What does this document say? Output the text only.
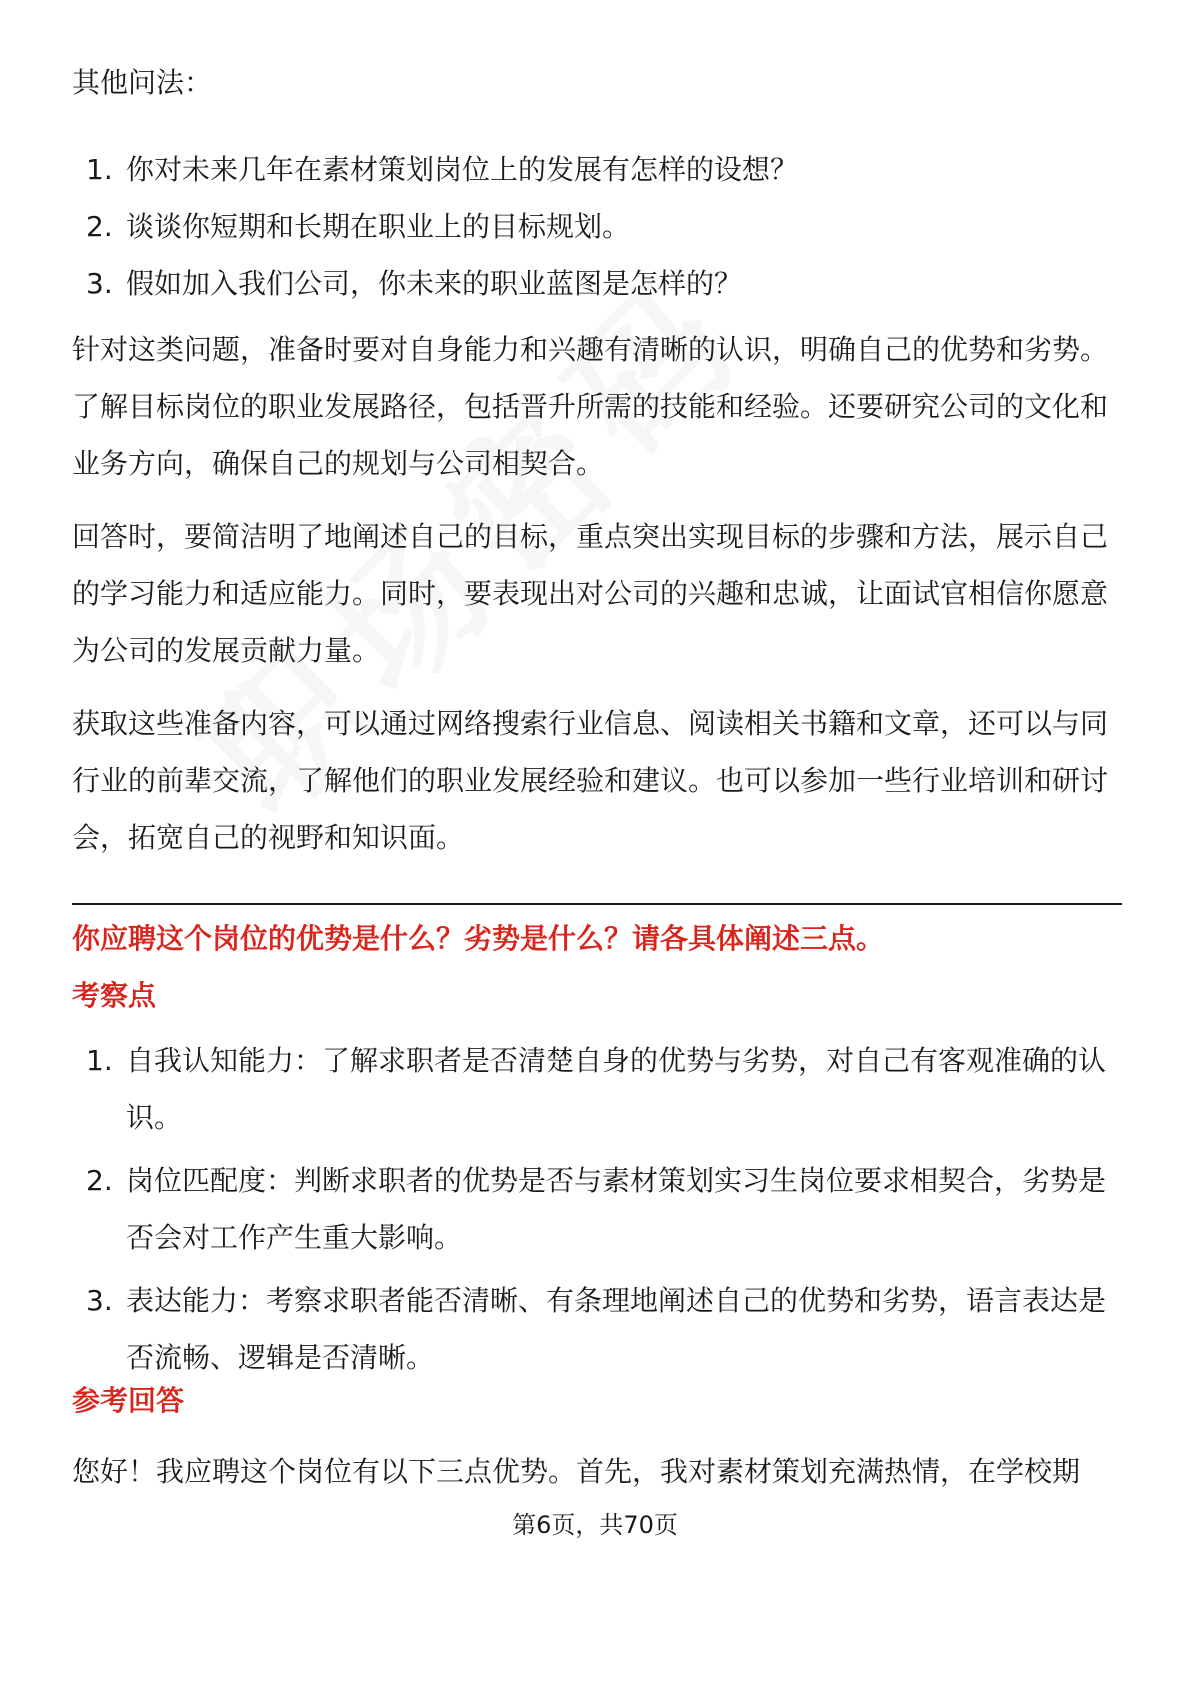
其他问法：

1. 你对未来几年在素材策划岗位上的发展有怎样的设想？
2. 谈谈你短期和长期在职业上的目标规划。
3. 假如加入我们公司，你未来的职业蓝图是怎样的？

针对这类问题，准备时要对自身能力和兴趣有清晰的认识，明确自己的优势和劣势。了解目标岗位的职业发展路径，包括晋升所需的技能和经验。还要研究公司的文化和业务方向，确保自己的规划与公司相契合。

回答时，要简洁明了地阐述自己的目标，重点突出实现目标的步骤和方法，展示自己的学习能力和适应能力。同时，要表现出对公司的兴趣和忠诚，让面试官相信你愿意为公司的发展贡献力量。

获取这些准备内容，可以通过网络搜索行业信息、阅读相关书籍和文章，还可以与同行业的前辈交流，了解他们的职业发展经验和建议。也可以参加一些行业培训和研讨会，拓宽自己的视野和知识面。

你应聘这个岗位的优势是什么？劣势是什么？请各具体阐述三点。

考察点

1. 自我认知能力：了解求职者是否清楚自身的优势与劣势，对自己有客观准确的认识。
2. 岗位匹配度：判断求职者的优势是否与素材策划实习生岗位要求相契合，劣势是否会对工作产生重大影响。
3. 表达能力：考察求职者能否清晰、有条理地阐述自己的优势和劣势，语言表达是否流畅、逻辑是否清晰。

参考回答

您好！我应聘这个岗位有以下三点优势。首先，我对素材策划充满热情，在学校期

第6页，共70页
